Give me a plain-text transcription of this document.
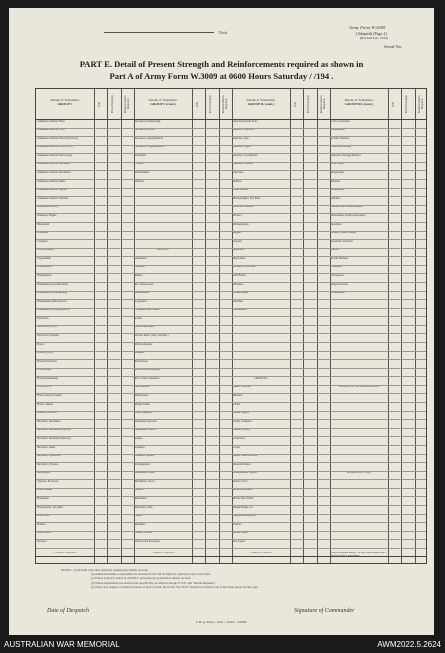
Unit
Army Form W.3009
(Adapted) (Page 2)
(Revised Jan., 1943)
Serial No.
PART E. Detail of Present Strength and Reinforcements required as shown in
Part A of Army Form W.3009 at 0600 Hours Saturday / /194 .
Details of Tradesmen.
GROUP I.	W.E.	Posted Strength	Reinforcements Required
Armament Artificer Fitter
Armament Artificer Fitter
Armament Artificer Fitter (Electrical)
Armament Artificer Fitter (M.V.)
Armament Artificer Fitter (Gun)
Armament Artificer Instrument
Armament Artificer Instrument
Armament Artificer Radio
Armament Artificer Signals
Armament Artificer Wireless
Armourer, Artillery
Armourer, Engine
Blacksmith
Bricklayer
Carpenter
Cooks, Hospital
Coppersmith
Draughtsman
Draughtsman
Draughtsman (Architectural)
Draughtsman (Engineering)
Draughtsman (Mechanical)
Draughtsman (Topographical)
Electrician
Electrician (M.V.)
Electrician (Signals)
Fitters
Fitters (Cycle)
Fitters (Electrical)
Fitters (Gun)
Fitters (Instrument)
Fitters (M.V.)
Fitters, Railway Signal
Fitters, Signals
Grinder, Precision
Mechanic, Instrument
Mechanic, Instrument (Optical)
Mechanic, Instrument (Survey)
Mechanic, Radio
Mechanic, Typewriter
Mechanic, Wireless
Millwrights
Operator, Excavator
Pattern Maker
Pharmacist
Photographer, Dry Plate
Photowriter
Plumber
Saw Doctors
Surveyor
CARRIED FORWARD
Details of Tradesmen.
GROUP I. (cont.)	W.E.	Posted Strength	Reinforcements Required
Surveyors, Engineering
Surveyors, R.A.A.
Surveyors, Topographical
Surveyors, Trigonometrical
Tinsmiths
Turners
Watchmakers
Welders
GROUP II.
Armourers
Assayers
Bakers
Bt. Canteen Asst.
Boilermakers
Carpenters
Carpenters and Joiners
Cooks
Dental Mechanics
Drivers Mech. (Eng. and Mot.)
Driver-Operator
Drainers
Electricians
Electricians (Engineer)
Fire Control Operators
Gas Operator
Hairdressers
Height Takers
Hollo Operators
Instrument Operator
Intelligence Clerks
Joiners
Linemen
Linemen, Signals
Lithographers
Machinists, Metal
Machinists, Wood
Masons
Mechanics
Mechanics, M.T.
Miners
Moulders
Nurses, Trained
Observation Post Assts.
CARRIED FORWARD
Details of Tradesmen.
GROUP II. (cont.)	W.E.	Posted Strength	Reinforcements Required
Operating Room Assts.
Operator, Keyboard
Operator, Line
Operator, Signal
Operator, Switchboard
Operator, Wireless
Opticians
Painters
Panel Beaters
Photographers, Dry Plate
Predictor Numbers
Printers
Radiographers
Riggers
Sawyers
Signallers
Signwriters
Technical Store-men
Wall Borers
Wheelers
Wheelwrights
Wiremen
Woodturners
GROUP III.
Bakers' Servants
Butchers
Clerks
Clerks, Supply
Clerks, Technical
Clerks, Orderly
Concreters
Cooks
Dental Clerk Orderlies
Despatch Riders
Draughtsmen, Signals
Drivers, M.T.
Driver Mechanics
Driver Opts. Fixed
Engine Hands, I.C.
Equipment Repairers
Farriers
Fitters' Mates
Gas Layers
CARRIED FORWARD
Details of Tradesmen.
GROUP III. (cont.)	W.E.	Posted Strength	Reinforcements Required
G.P.O. Assistants
Hammermen
Leather Stitchers
Orderlies, Nursing
Orderlies, Nursing Medical
Plate Layers
Rangetakers
Riveters
Roughriders
Saddlers
Saddlers and Harness Makers
Shoemakers and Boot Repairers
Storemen
Stokers, Steam, Engine
Storemen, Technical
Tailors
Textile Refiners
Vermintes
Vulcanizers
Wagon Erectors
Whitesmiths
DETAILS OF NON-TRADESMEN.
ATTACHED BY H.Q.
Totals of columns marked * to agree with column 4 and 5 and 10 of Part A, respectively.
NOTES.—(a) If trade other than printed is required give details on back.
(b) Authorised trades or specialists not included in list will be added as required in spaces provided.
(c) Where A.W.A.S. and/or A.A.M.W.S. personnel are posted show details on back.
(d) Where replacement not desired note specifically on return in margin of W.E. and "Details Required."
(e) Where any request or notation is made on back of form, the words "See Back" should be written in one of the blank spaces on this page.
Date of Despatch	Signature of Commander
L.H.Q. Press—433—10/43—32000.
AUSTRALIAN WAR MEMORIAL	AWM2022.5.2624
